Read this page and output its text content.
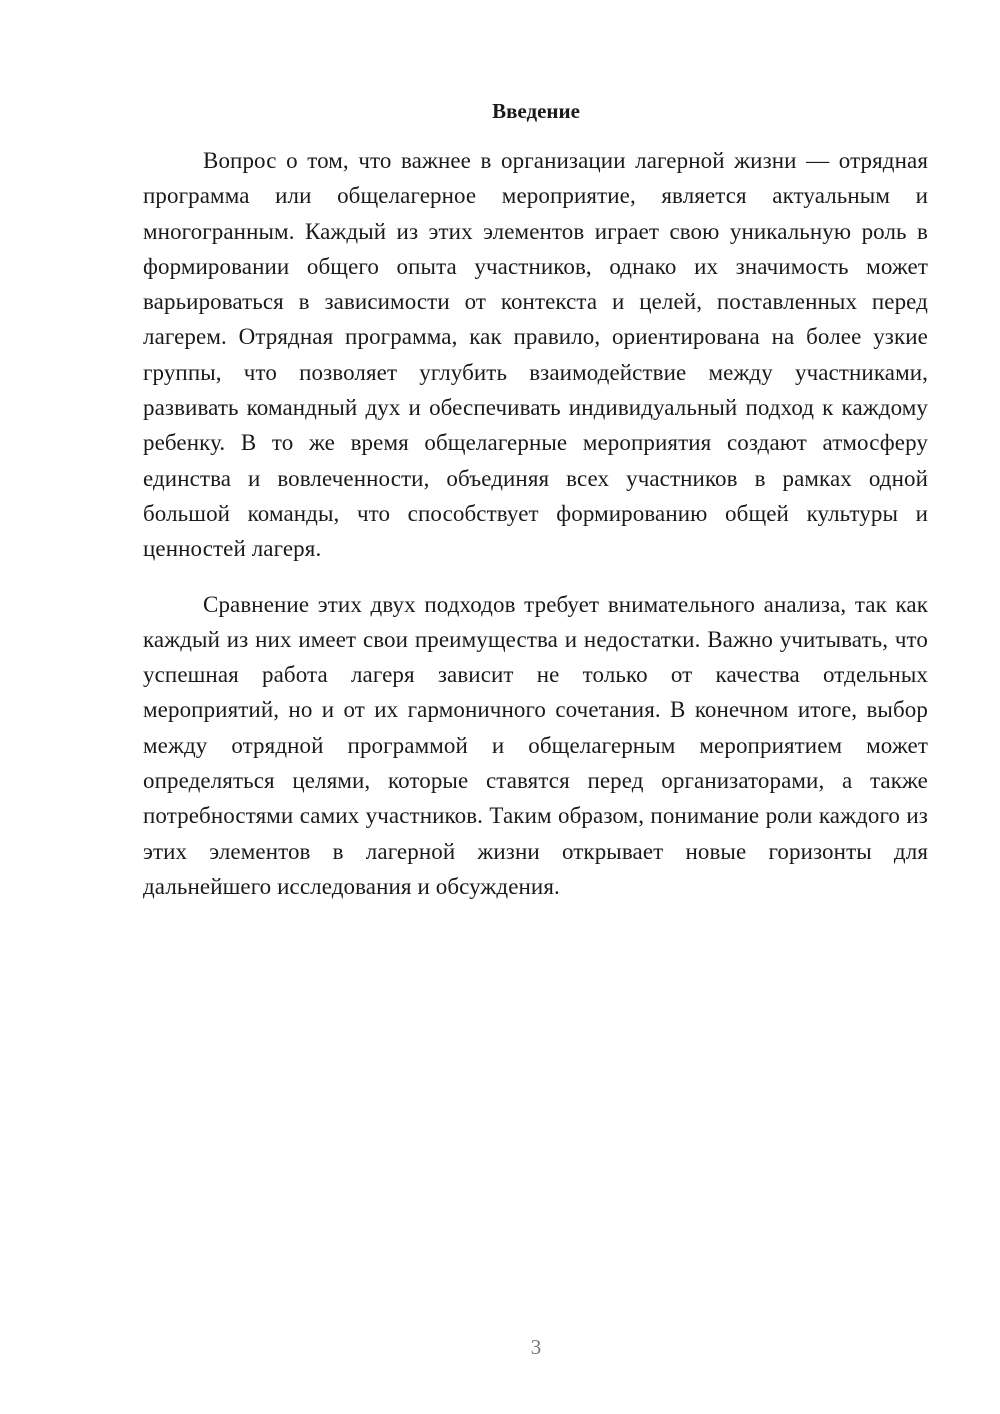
Введение

Вопрос о том, что важнее в организации лагерной жизни — отрядная программа или общелагерное мероприятие, является актуальным и многогранным. Каждый из этих элементов играет свою уникальную роль в формировании общего опыта участников, однако их значимость может варьироваться в зависимости от контекста и целей, поставленных перед лагерем. Отрядная программа, как правило, ориентирована на более узкие группы, что позволяет углубить взаимодействие между участниками, развивать командный дух и обеспечивать индивидуальный подход к каждому ребенку. В то же время общелагерные мероприятия создают атмосферу единства и вовлеченности, объединяя всех участников в рамках одной большой команды, что способствует формированию общей культуры и ценностей лагеря.

Сравнение этих двух подходов требует внимательного анализа, так как каждый из них имеет свои преимущества и недостатки. Важно учитывать, что успешная работа лагеря зависит не только от качества отдельных мероприятий, но и от их гармоничного сочетания. В конечном итоге, выбор между отрядной программой и общелагерным мероприятием может определяться целями, которые ставятся перед организаторами, а также потребностями самих участников. Таким образом, понимание роли каждого из этих элементов в лагерной жизни открывает новые горизонты для дальнейшего исследования и обсуждения.

3
